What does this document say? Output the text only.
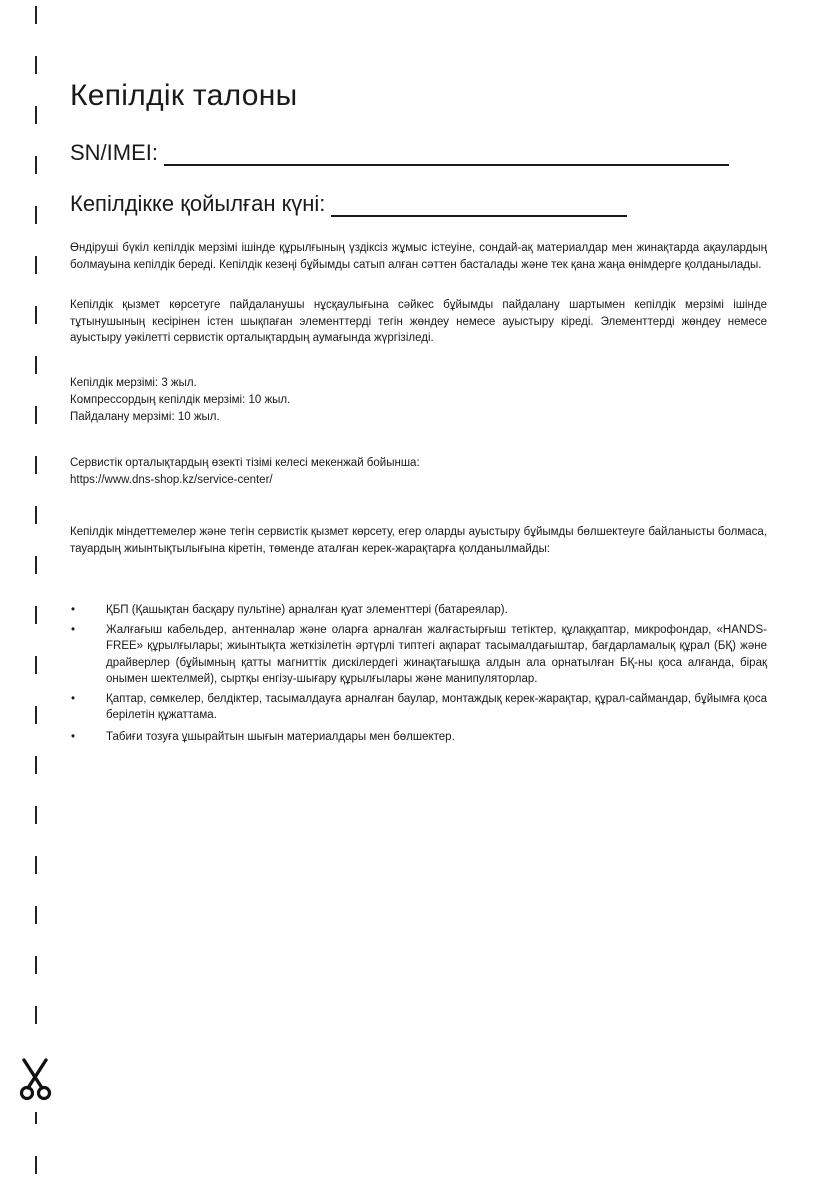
Кепілдік талоны
SN/IMEI:
Кепілдікке қойылған күні:

Өндіруші бүкіл кепілдік мерзімі ішінде құрылғының үздіксіз жұмыс істеуіне, сондай-ақ материалдар мен жинақтарда ақаулардың болмауына кепілдік береді. Кепілдік кезеңі бұйымды сатып алған сәттен басталады және тек қана жаңа өнімдерге қолданылады.

Кепілдік қызмет көрсетуге пайдаланушы нұсқаулығына сәйкес бұйымды пайдалану шартымен кепілдік мерзімі ішінде тұтынушының кесірінен істен шықпаған элементтерді тегін жөндеу немесе ауыстыру кіреді. Элементтерді жөндеу немесе ауыстыру уәкілетті сервистік орталықтардың аумағында жүргізіледі.

Кепілдік мерзімі: 3 жыл.
Компрессордың кепілдік мерзімі: 10 жыл.
Пайдалану мерзімі: 10 жыл.
Сервистік орталықтардың өзекті тізімі келесі мекенжай бойынша:
https://www.dns-shop.kz/service-center/

Кепілдік міндеттемелер және тегін сервистік қызмет көрсету, егер оларды ауыстыру бұйымды бөлшектеуге байланысты болмаса, тауардың жиынтықтылығына кіретін, төменде аталған керек-жарақтарға қолданылмайды:

• ҚБП (Қашықтан басқару пультіне) арналған қуат элементтері (батареялар).
• Жалғағыш кабельдер, антенналар және оларға арналған жалғастырғыш тетіктер, құлаққаптар, микрофондар, «HANDS-FREE» құрылғылары; жиынтықта жеткізілетін әртүрлі типтегі ақпарат тасымалдағыштар, бағдарламалық құрал (БҚ) және драйверлер (бұйымның қатты магниттік дискілердегі жинақтағышқа алдын ала орнатылған БҚ-ны қоса алғанда, бірақ онымен шектелмей), сыртқы енгізу-шығару құрылғылары және манипуляторлар.
• Қаптар, сөмкелер, белдіктер, тасымалдауға арналған баулар, монтаждық керек-жарақтар, құрал-саймандар, бұйымға қоса берілетін құжаттама.
• Табиғи тозуға ұшырайтын шығын материалдары мен бөлшектер.
